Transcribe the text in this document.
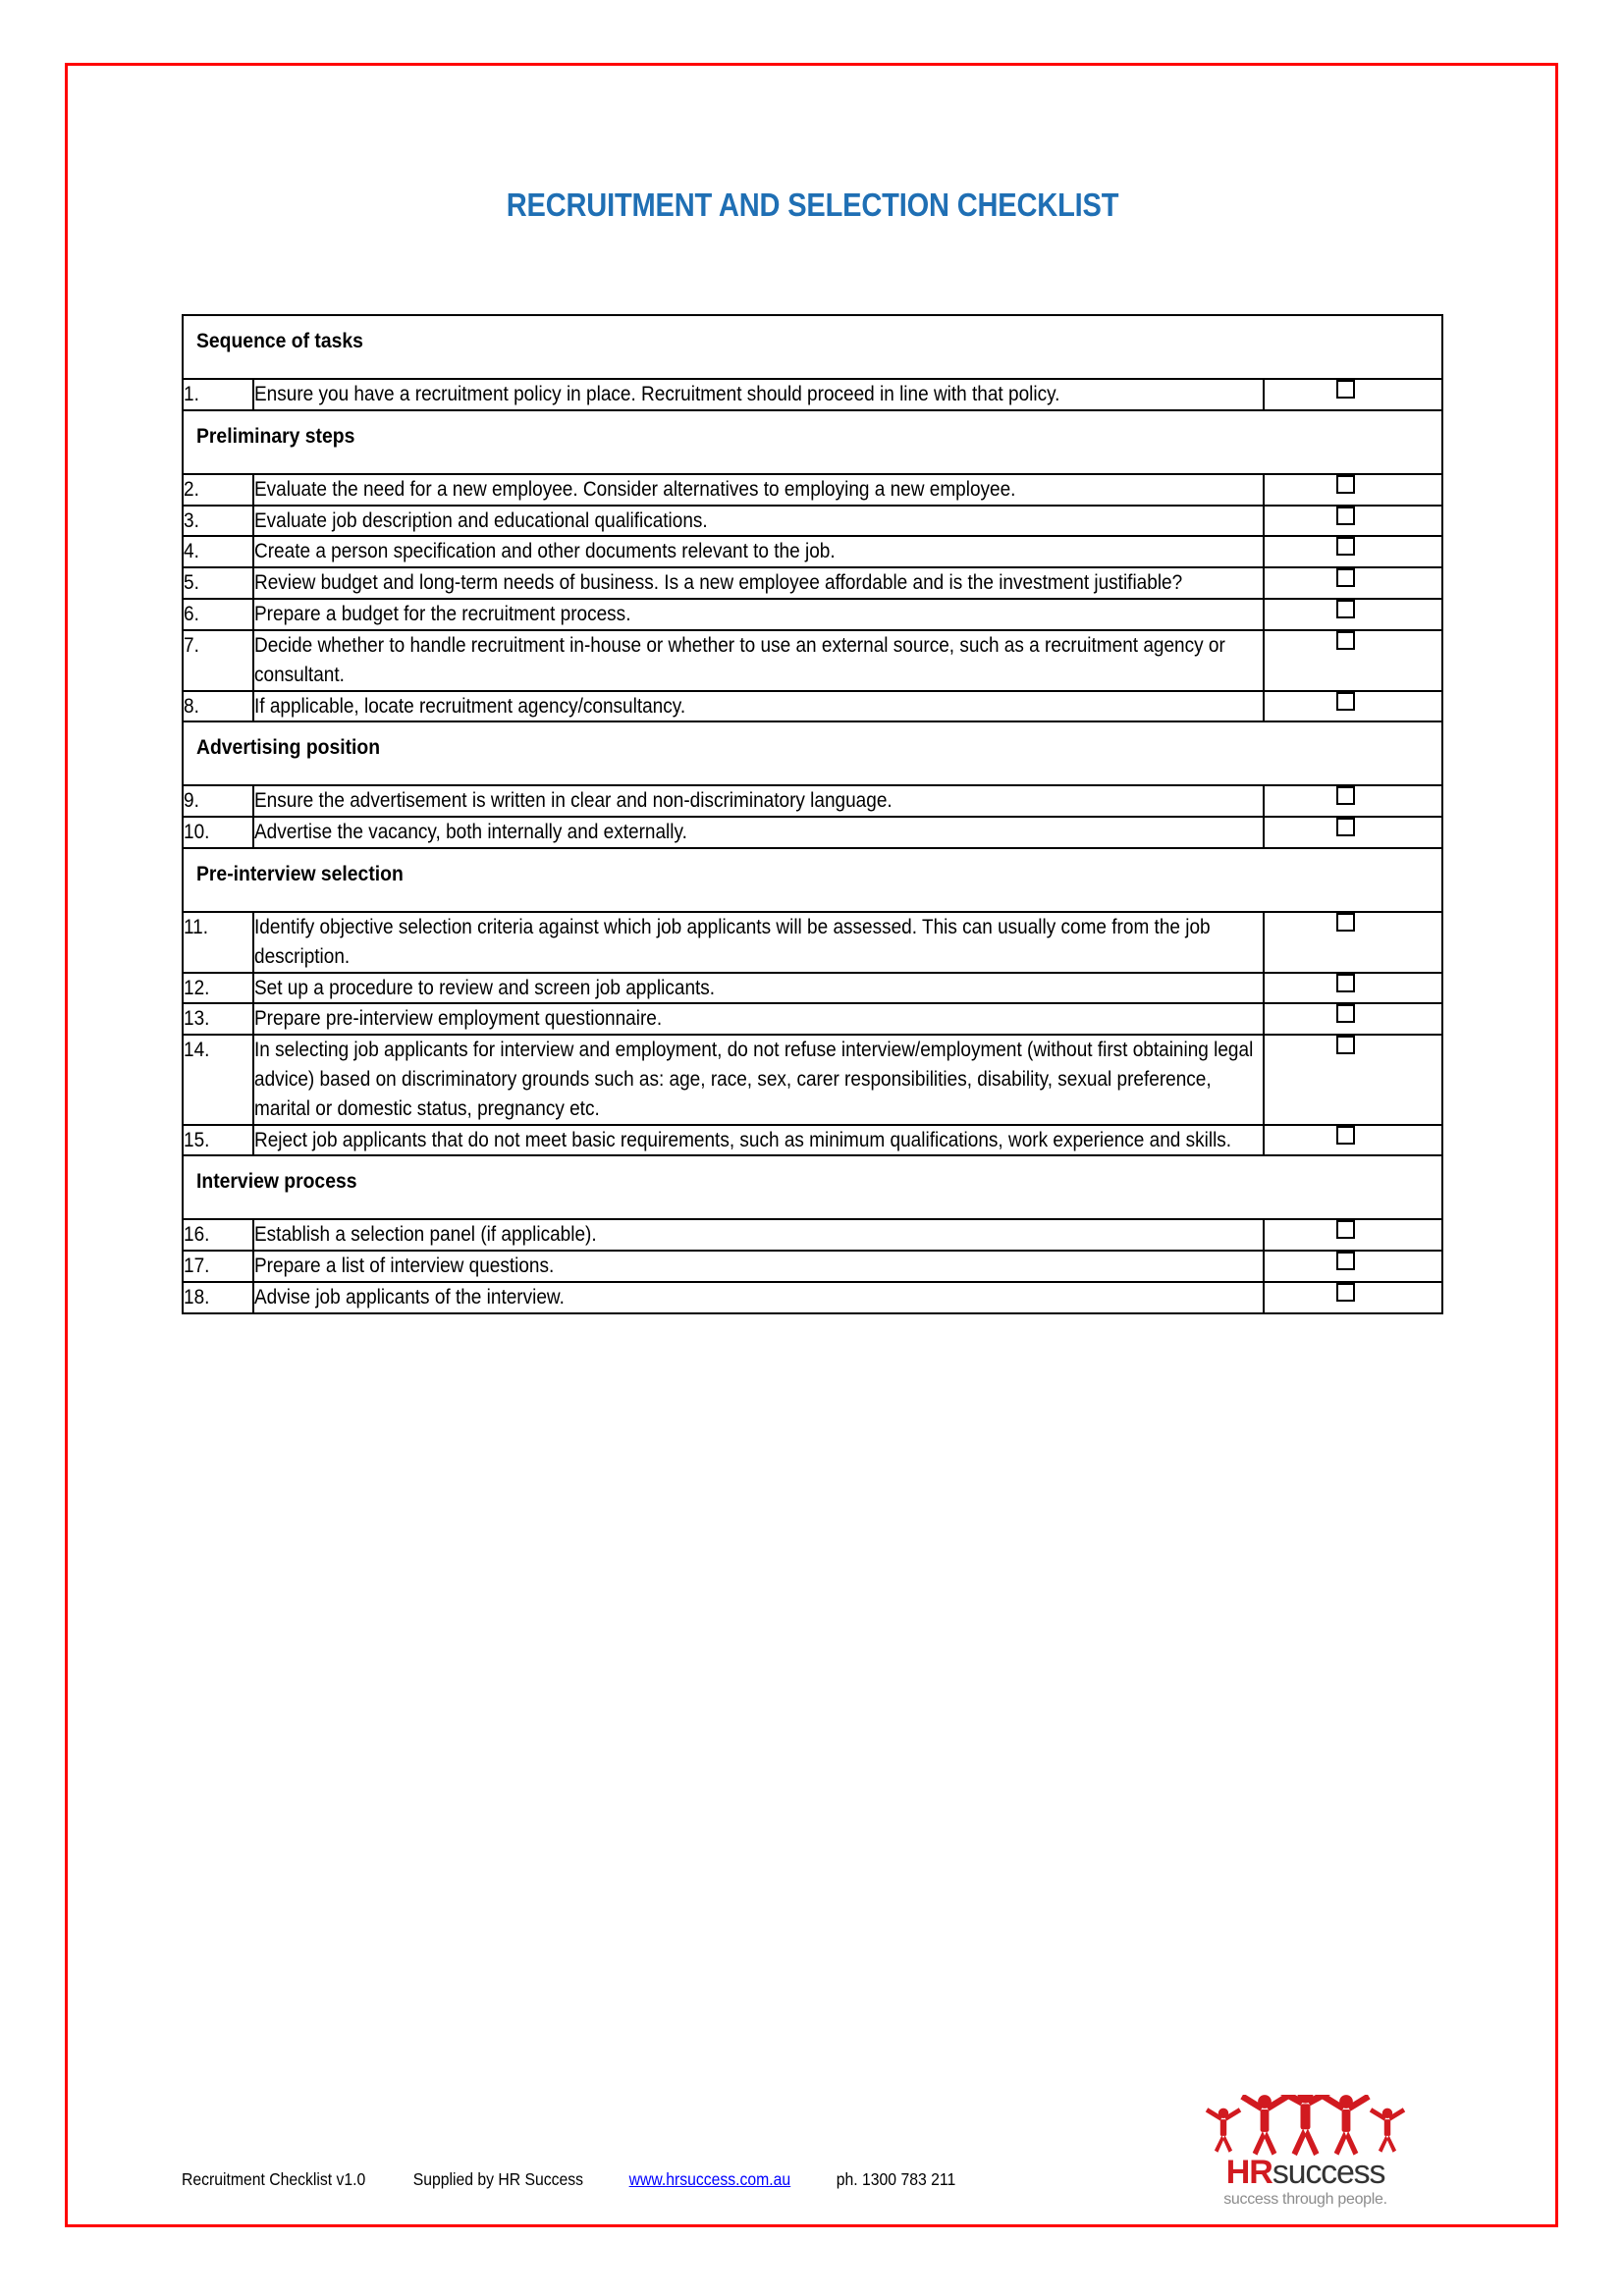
RECRUITMENT AND SELECTION CHECKLIST
Sequence of tasks		

1.	Ensure you have a recruitment policy in place. Recruitment should proceed in line with that policy.	

Preliminary steps		

2.	Evaluate the need for a new employee. Consider alternatives to employing a new employee.	

3.	Evaluate job description and educational qualifications.	

4.	Create a person specification and other documents relevant to the job.	

5.	Review budget and long-term needs of business. Is a new employee affordable and is the investment justifiable?	

6.	Prepare a budget for the recruitment process.	

7.	Decide whether to handle recruitment in-house or whether to use an external source, such as a recruitment agency or consultant.	

8.	If applicable, locate recruitment agency/consultancy.	

Advertising position		

9.	Ensure the advertisement is written in clear and non-discriminatory language.	

10.	Advertise the vacancy, both internally and externally.	

Pre-interview selection		

11.	Identify objective selection criteria against which job applicants will be assessed. This can usually come from the job description.	

12.	Set up a procedure to review and screen job applicants.	

13.	Prepare pre-interview employment questionnaire.	

14.	In selecting job applicants for interview and employment, do not refuse interview/employment (without first obtaining legal advice) based on discriminatory grounds such as: age, race, sex, carer responsibilities, disability, sexual preference, marital or domestic status, pregnancy etc.	

15.	Reject job applicants that do not meet basic requirements, such as minimum qualifications, work experience and skills.	

Interview process		

16.	Establish a selection panel (if applicable).	

17.	Prepare a list of interview questions.	

18.	Advise job applicants of the interview.	

Recruitment Checklist v1.0	Supplied by HR Success	www.hrsuccess.com.au	ph. 1300 783 211	HRsuccess
success through people.
